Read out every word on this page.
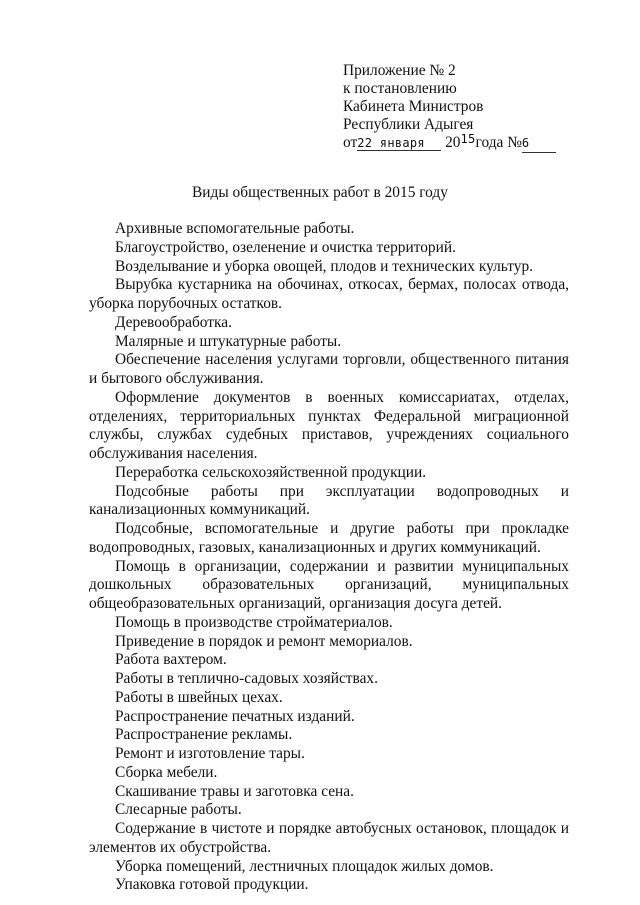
Приложение № 2
к постановлению
Кабинета Министров
Республики Адыгея
от 22 января
	20 15 года № 6
Виды общественных работ в 2015 году

Архивные вспомогательные работы.

Благоустройство, озеленение и очистка территорий.

Возделывание и уборка овощей, плодов и технических культур.

Вырубка кустарника на обочинах, откосах, бермах, полосах отвода, уборка порубочных остатков.

Деревообработка.

Малярные и штукатурные работы.

Обеспечение населения услугами торговли, общественного питания и бытового обслуживания.

Оформление документов в военных комиссариатах, отделах, отделениях, территориальных пунктах Федеральной миграционной службы, службах судебных приставов, учреждениях социального обслуживания населения.

Переработка сельскохозяйственной продукции.

Подсобные работы при эксплуатации водопроводных и канализационных коммуникаций.

Подсобные, вспомогательные и другие работы при прокладке водопроводных, газовых, канализационных и других коммуникаций.

Помощь в организации, содержании и развитии муниципальных дошкольных образовательных организаций, муниципальных общеобразовательных организаций, организация досуга детей.

Помощь в производстве стройматериалов.

Приведение в порядок и ремонт мемориалов.

Работа вахтером.

Работы в теплично-садовых хозяйствах.

Работы в швейных цехах.

Распространение печатных изданий.

Распространение рекламы.

Ремонт и изготовление тары.

Сборка мебели.

Скашивание травы и заготовка сена.

Слесарные работы.

Содержание в чистоте и порядке автобусных остановок, площадок и элементов их обустройства.

Уборка помещений, лестничных площадок жилых домов.

Упаковка готовой продукции.
